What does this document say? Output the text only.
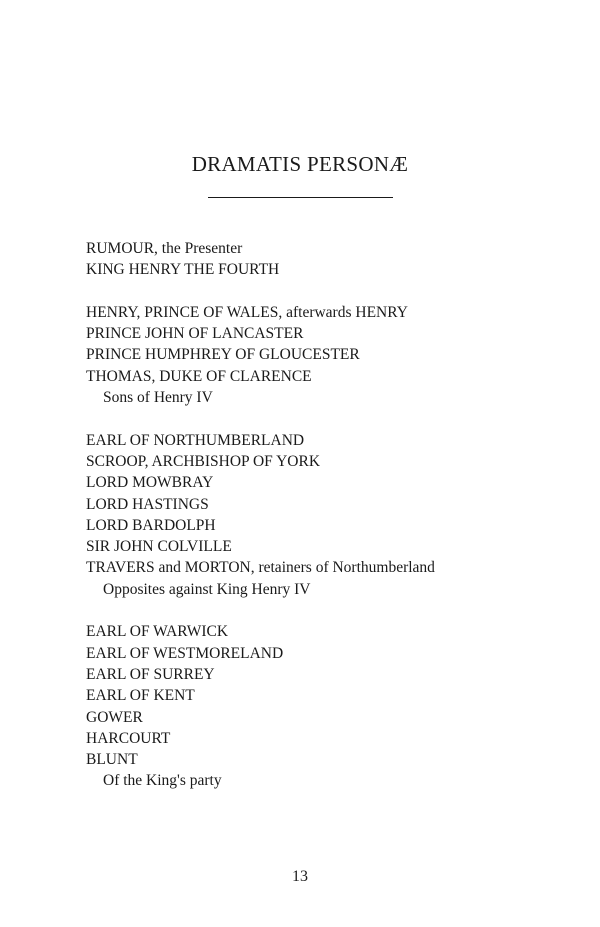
DRAMATIS PERSONÆ
RUMOUR, the Presenter
KING HENRY THE FOURTH
HENRY, PRINCE OF WALES, afterwards HENRY
PRINCE JOHN OF LANCASTER
PRINCE HUMPHREY OF GLOUCESTER
THOMAS, DUKE OF CLARENCE
Sons of Henry IV
EARL OF NORTHUMBERLAND
SCROOP, ARCHBISHOP OF YORK
LORD MOWBRAY
LORD HASTINGS
LORD BARDOLPH
SIR JOHN COLVILLE
TRAVERS and MORTON, retainers of Northumberland
Opposites against King Henry IV
EARL OF WARWICK
EARL OF WESTMORELAND
EARL OF SURREY
EARL OF KENT
GOWER
HARCOURT
BLUNT
Of the King's party
13
